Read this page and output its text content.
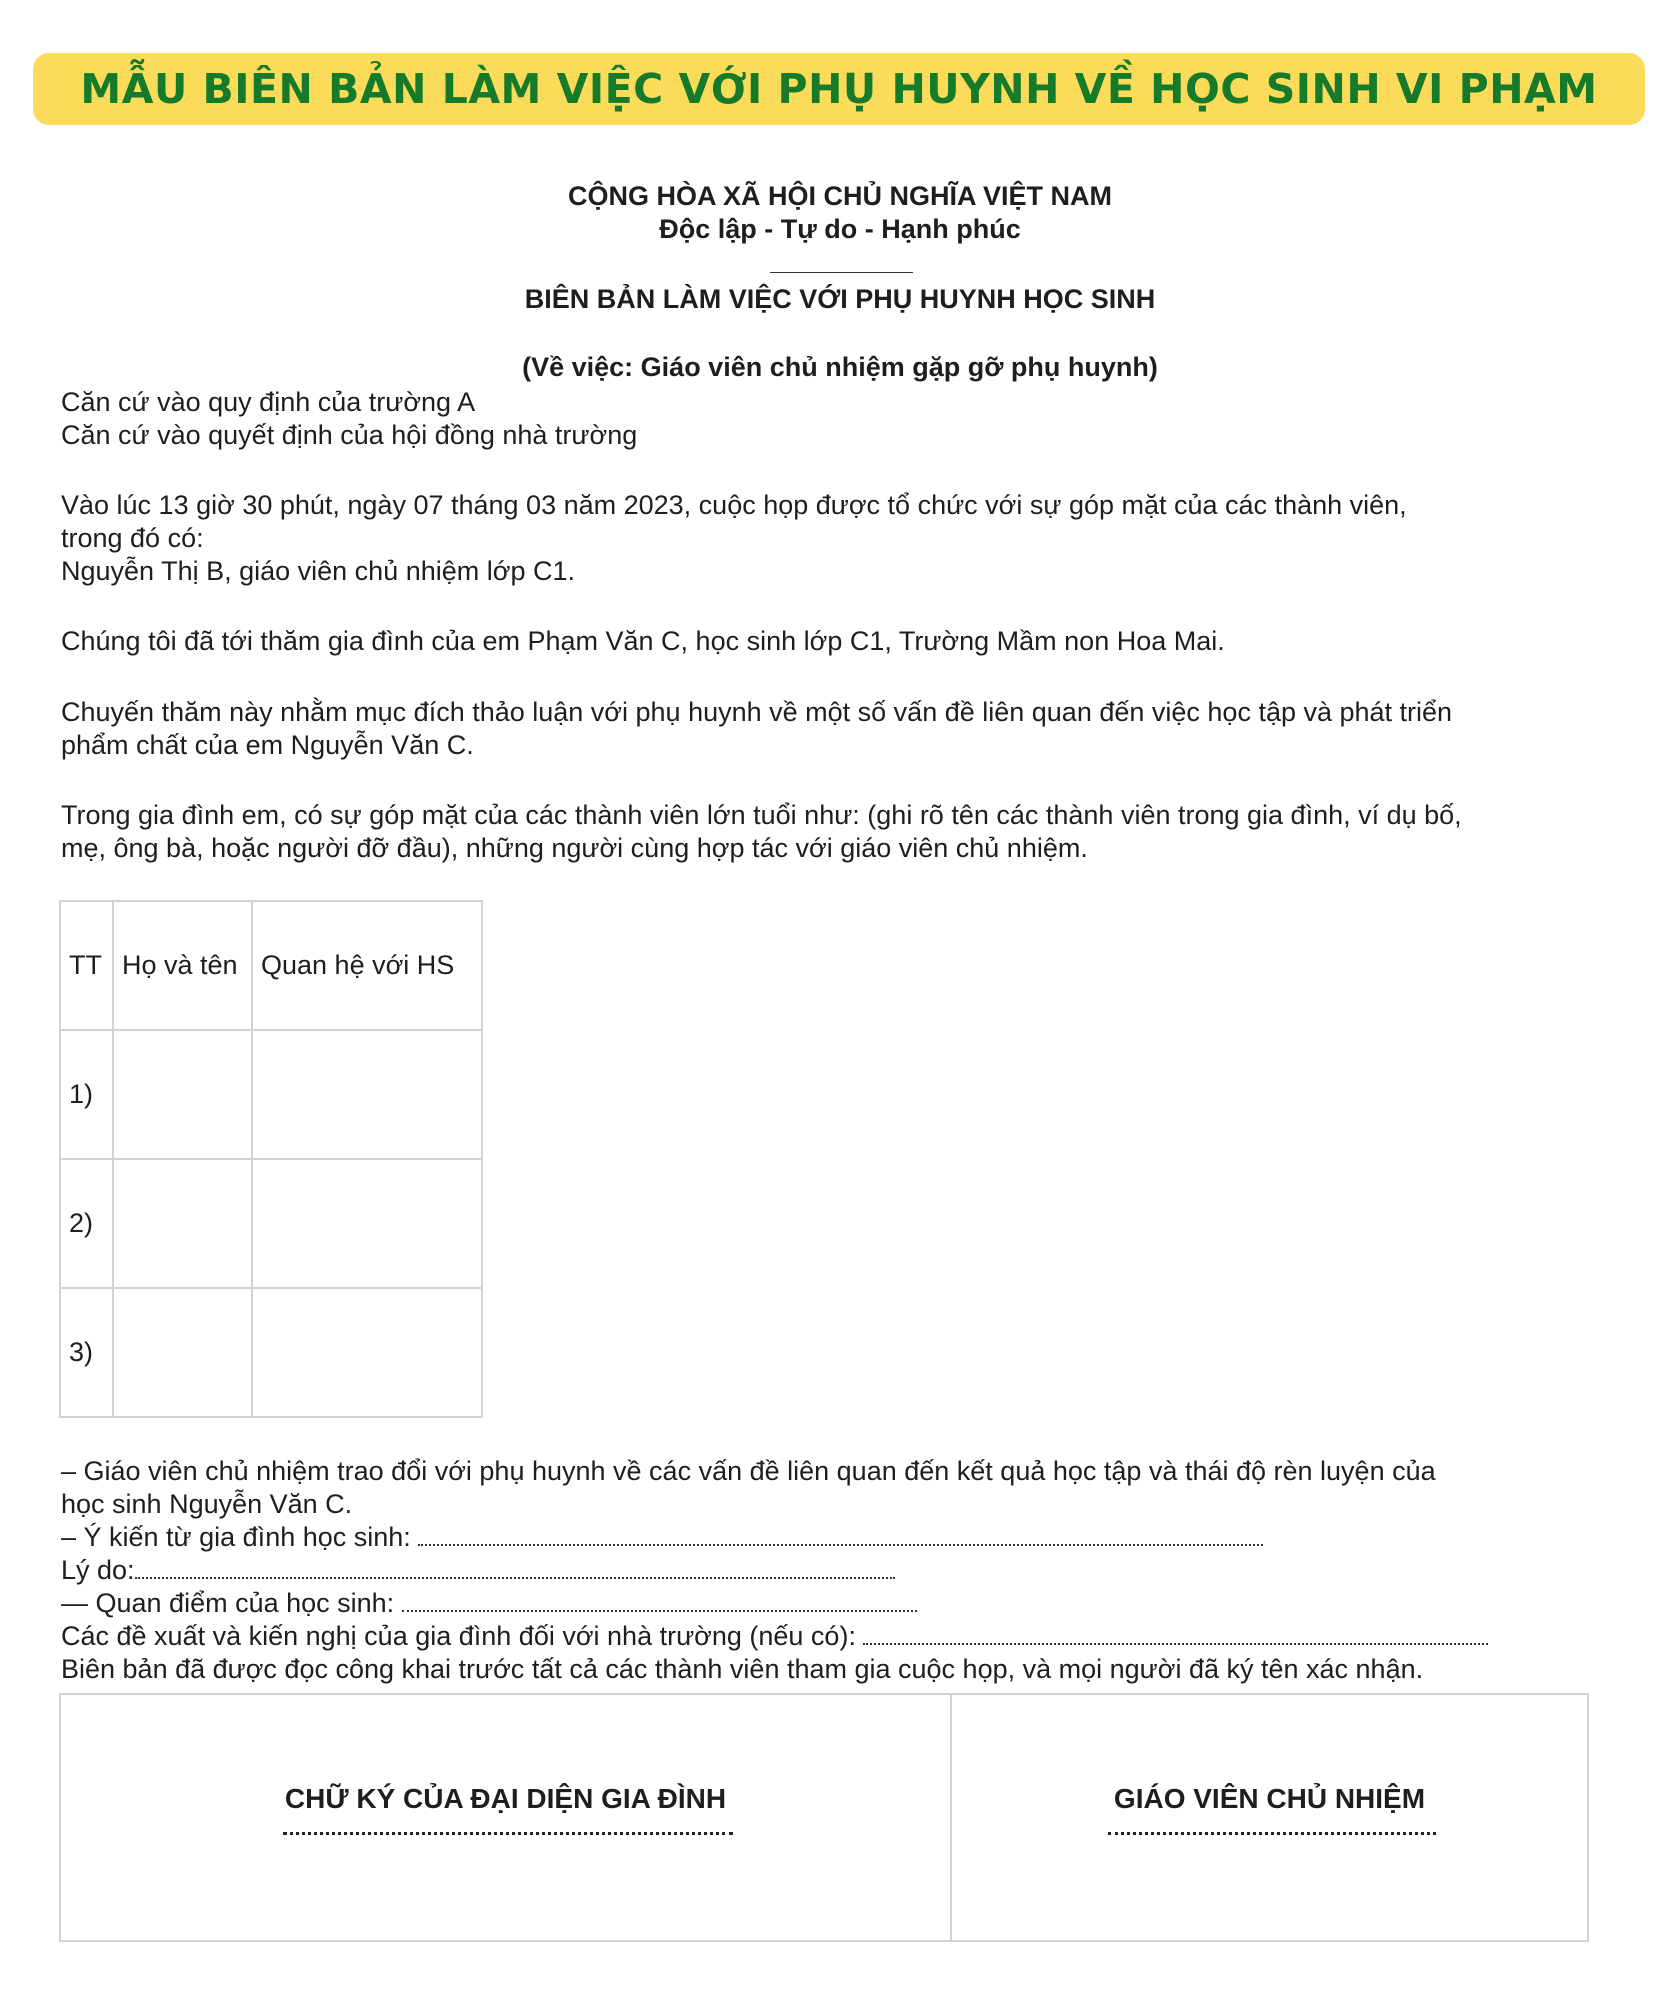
MẪU BIÊN BẢN LÀM VIỆC VỚI PHỤ HUYNH VỀ HỌC SINH VI PHẠM
CỘNG HÒA XÃ HỘI CHỦ NGHĨA VIỆT NAM
Độc lập - Tự do - Hạnh phúc
BIÊN BẢN LÀM VIỆC VỚI PHỤ HUYNH HỌC SINH
(Về việc: Giáo viên chủ nhiệm gặp gỡ phụ huynh)

Căn cứ vào quy định của trường A

Căn cứ vào quyết định của hội đồng nhà trường

Vào lúc 13 giờ 30 phút, ngày 07 tháng 03 năm 2023, cuộc họp được tổ chức với sự góp mặt của các thành viên,

trong đó có:

Nguyễn Thị B, giáo viên chủ nhiệm lớp C1.

Chúng tôi đã tới thăm gia đình của em Phạm Văn C, học sinh lớp C1, Trường Mầm non Hoa Mai.

Chuyến thăm này nhằm mục đích thảo luận với phụ huynh về một số vấn đề liên quan đến việc học tập và phát triển

phẩm chất của em Nguyễn Văn C.

Trong gia đình em, có sự góp mặt của các thành viên lớn tuổi như: (ghi rõ tên các thành viên trong gia đình, ví dụ bố,

mẹ, ông bà, hoặc người đỡ đầu), những người cùng hợp tác với giáo viên chủ nhiệm.

TT	Họ và tên	Quan hệ với HS
1)		
2)		
3)		

– Giáo viên chủ nhiệm trao đổi với phụ huynh về các vấn đề liên quan đến kết quả học tập và thái độ rèn luyện của

học sinh Nguyễn Văn C.

– Ý kiến từ gia đình học sinh:

Lý do:

— Quan điểm của học sinh:

Các đề xuất và kiến nghị của gia đình đối với nhà trường (nếu có):

Biên bản đã được đọc công khai trước tất cả các thành viên tham gia cuộc họp, và mọi người đã ký tên xác nhận.

CHỮ KÝ CỦA ĐẠI DIỆN GIA ĐÌNH	GIÁO VIÊN CHỦ NHIỆM
